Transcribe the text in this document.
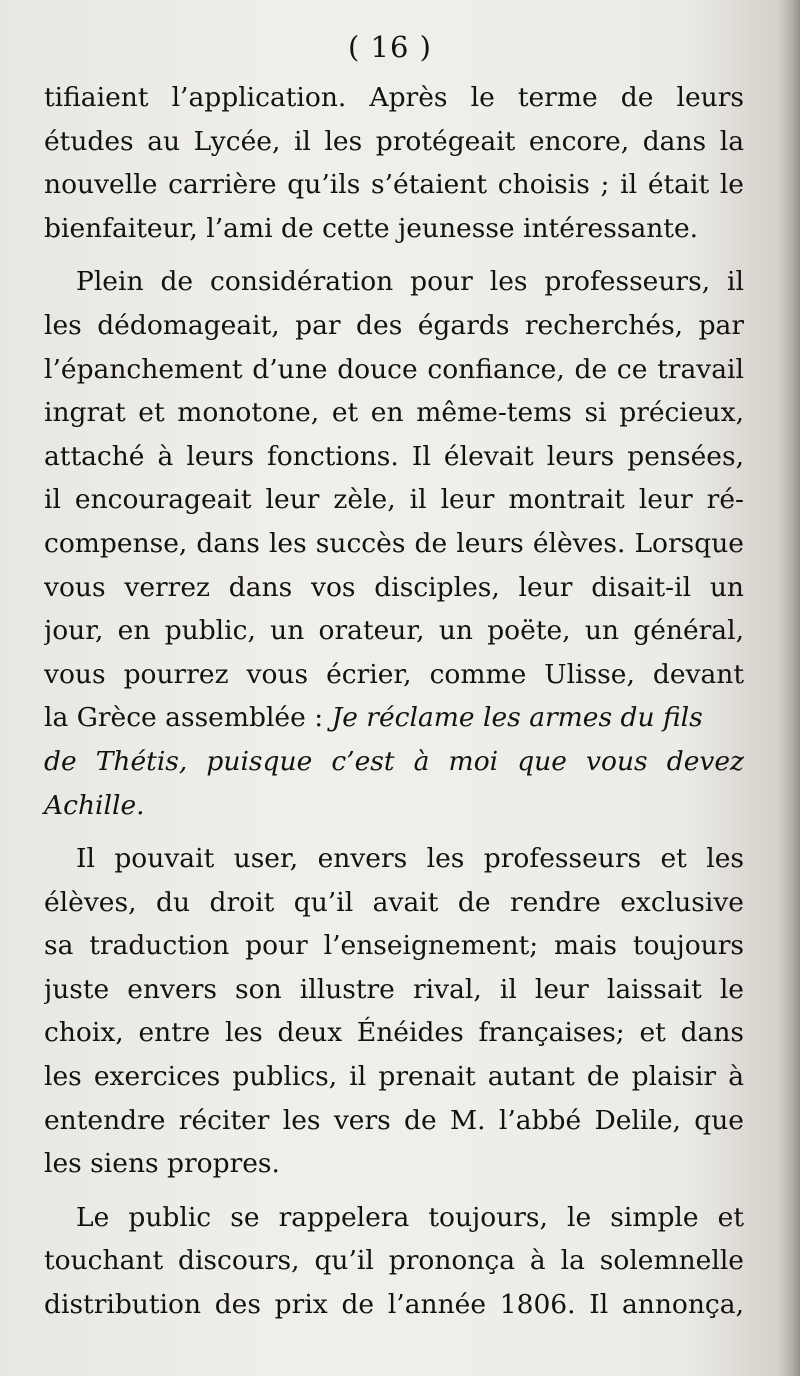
( 16 )
tifiaient l’application. Après le terme de leurs
études au Lycée, il les protégeait encore, dans la
nouvelle carrière qu’ils s’étaient choisis ; il était le
bienfaiteur, l’ami de cette jeunesse intéressante.
Plein de considération pour les professeurs, il
les dédomageait, par des égards recherchés, par
l’épanchement d’une douce confiance, de ce travail
ingrat et monotone, et en même-tems si précieux,
attaché à leurs fonctions. Il élevait leurs pensées,
il encourageait leur zèle, il leur montrait leur ré-
compense, dans les succès de leurs élèves. Lorsque
vous verrez dans vos disciples, leur disait-il un
jour, en public, un orateur, un poëte, un général,
vous pourrez vous écrier, comme Ulisse, devant
la Grèce assemblée : Je réclame les armes du fils
de Thétis, puisque c’est à moi que vous devez
Achille.
Il pouvait user, envers les professeurs et les
élèves, du droit qu’il avait de rendre exclusive
sa traduction pour l’enseignement; mais toujours
juste envers son illustre rival, il leur laissait le
choix, entre les deux Énéides françaises; et dans
les exercices publics, il prenait autant de plaisir à
entendre réciter les vers de M. l’abbé Delile, que
les siens propres.
Le public se rappelera toujours, le simple et
touchant discours, qu’il prononça à la solemnelle
distribution des prix de l’année 1806. Il annonça,
